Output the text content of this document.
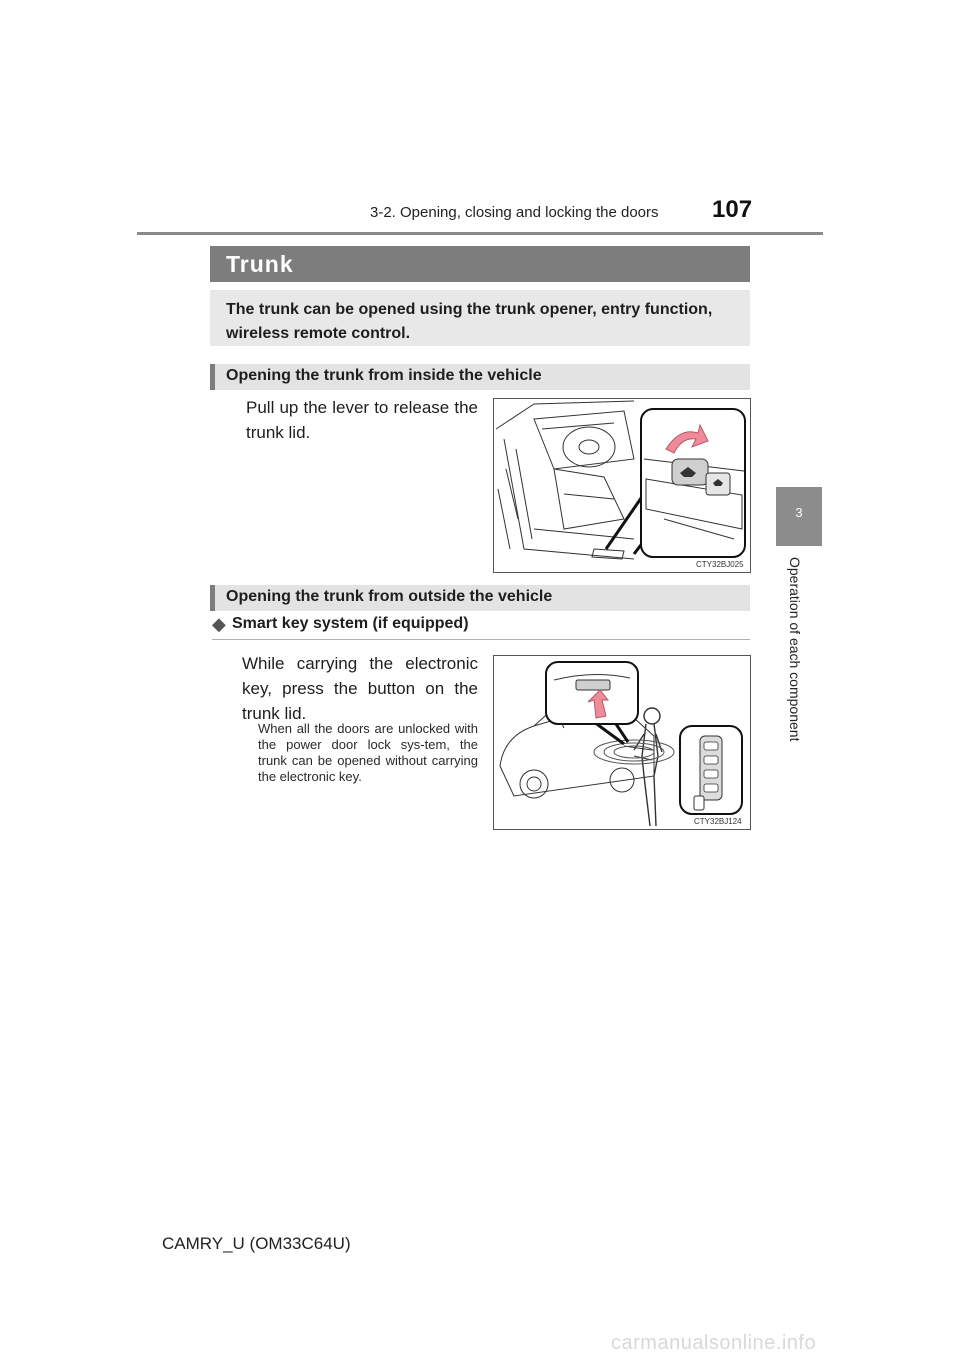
3-2. Opening, closing and locking the doors 107
3
Operation of each component
Trunk
The trunk can be opened using the trunk opener, entry function, wireless remote control.
Opening the trunk from inside the vehicle
Pull up the lever to release the trunk lid.
CTY32BJ025
Opening the trunk from outside the vehicle
◆ Smart key system (if equipped)
While carrying the electronic key, press the button on the trunk lid.
When all the doors are unlocked with the power door lock sys-tem, the trunk can be opened without carrying the electronic key.
CTY32BJ124
CAMRY_U (OM33C64U)
carmanualsonline.info
